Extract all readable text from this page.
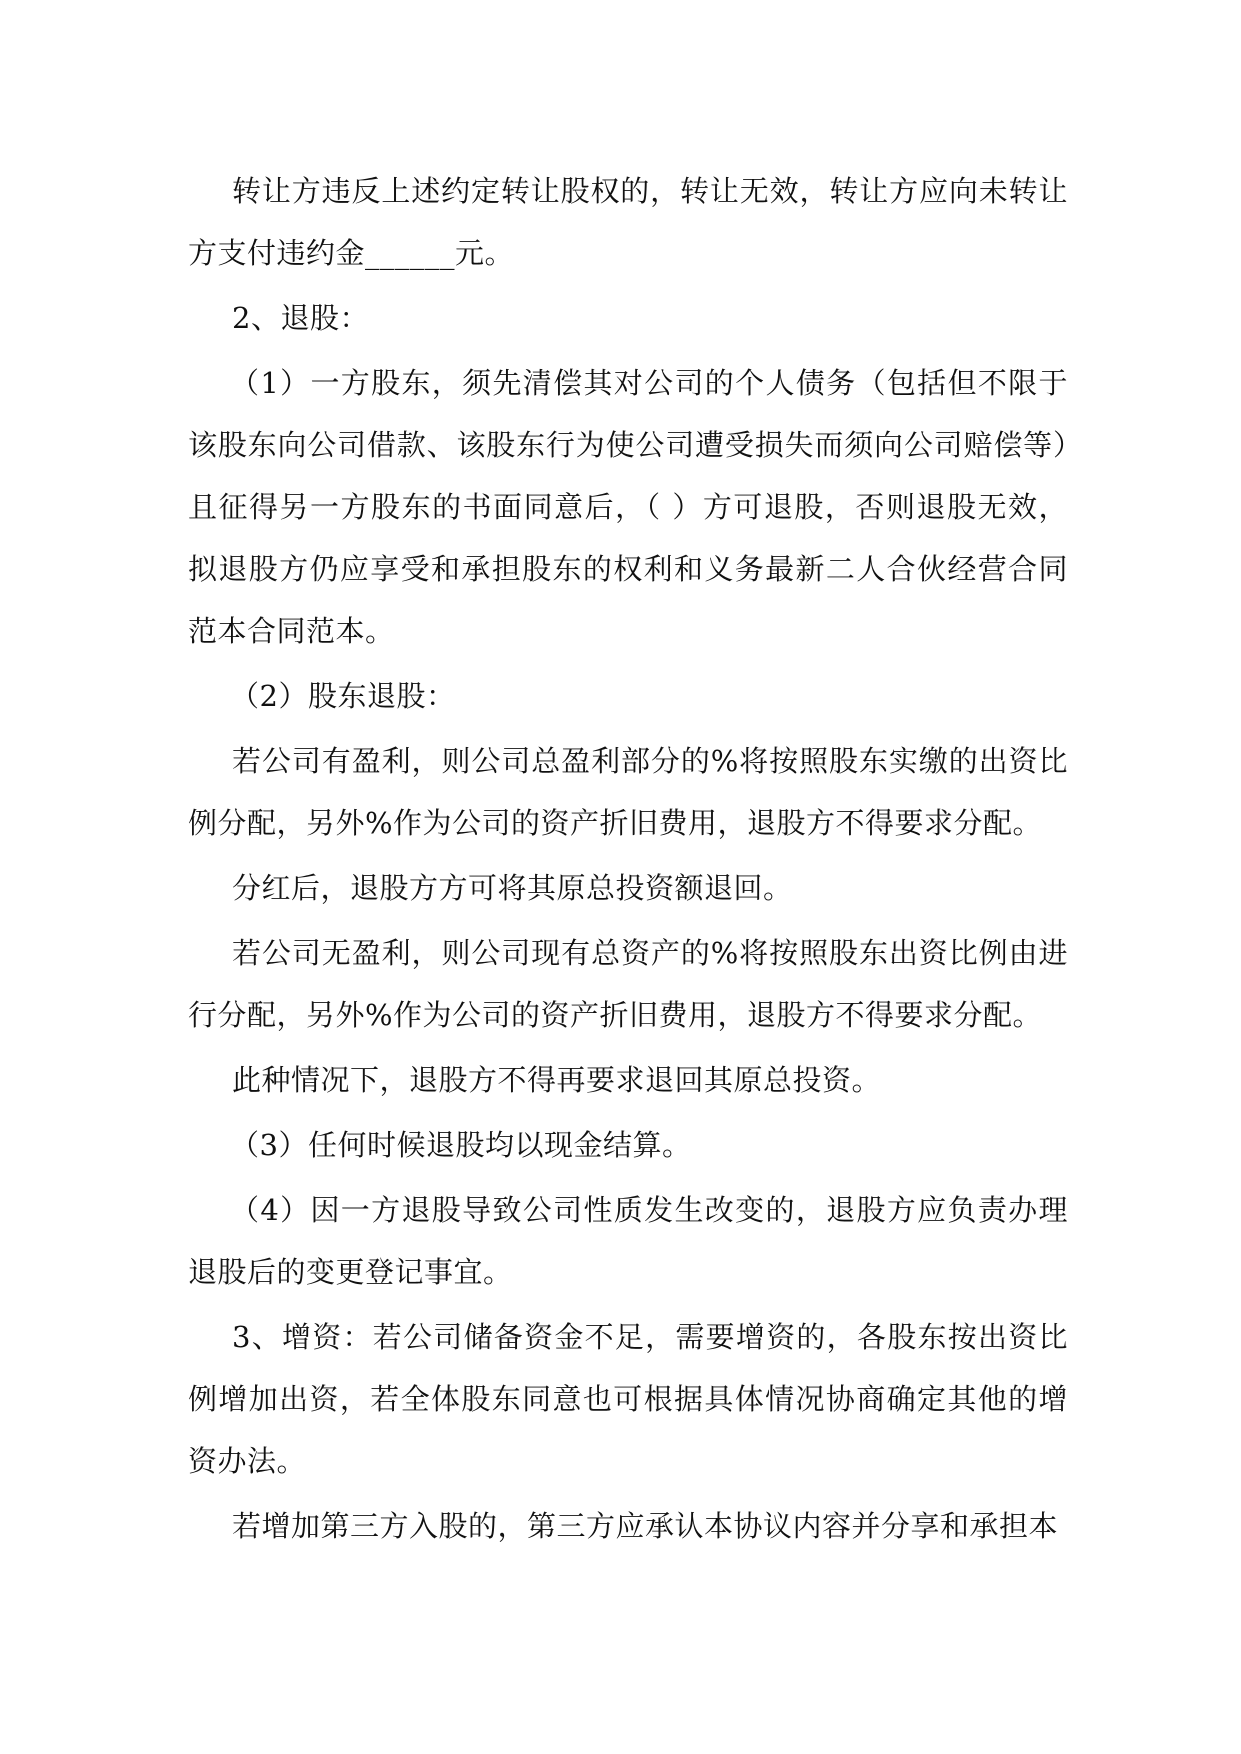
转让方违反上述约定转让股权的，转让无效，转让方应向未转让方支付违约金______元。

2、退股：

（1）一方股东，须先清偿其对公司的个人债务（包括但不限于该股东向公司借款、该股东行为使公司遭受损失而须向公司赔偿等）且征得另一方股东的书面同意后，（ ）方可退股，否则退股无效，拟退股方仍应享受和承担股东的权利和义务最新二人合伙经营合同范本合同范本。

（2）股东退股：

若公司有盈利，则公司总盈利部分的%将按照股东实缴的出资比例分配，另外%作为公司的资产折旧费用，退股方不得要求分配。

分红后，退股方方可将其原总投资额退回。

若公司无盈利，则公司现有总资产的%将按照股东出资比例由进行分配，另外%作为公司的资产折旧费用，退股方不得要求分配。

此种情况下，退股方不得再要求退回其原总投资。

（3）任何时候退股均以现金结算。

（4）因一方退股导致公司性质发生改变的，退股方应负责办理退股后的变更登记事宜。

3、增资：若公司储备资金不足，需要增资的，各股东按出资比例增加出资，若全体股东同意也可根据具体情况协商确定其他的增资办法。

若增加第三方入股的，第三方应承认本协议内容并分享和承担本
